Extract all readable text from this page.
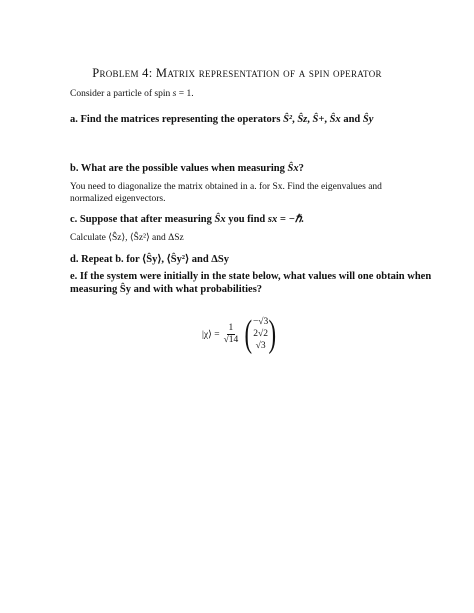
Problem 4: Matrix representation of a spin operator
Consider a particle of spin s = 1.
a. Find the matrices representing the operators Ŝ², Ŝz, Ŝ+, Ŝx and Ŝy
b. What are the possible values when measuring Ŝx?
You need to diagonalize the matrix obtained in a. for Sx. Find the eigenvalues and normalized eigenvectors.
c. Suppose that after measuring Ŝx you find sx = −ℏ.
Calculate ⟨Ŝz⟩, ⟨Ŝz²⟩ and ΔSz
d. Repeat b. for ⟨Ŝy⟩, ⟨Ŝy²⟩ and ΔSy
e. If the system were initially in the state below, what values will one obtain when
measuring Ŝy and with what probabilities?
|χ⟩ = $\frac{1}{√14}$ ( −√3
2√2
√3 )
